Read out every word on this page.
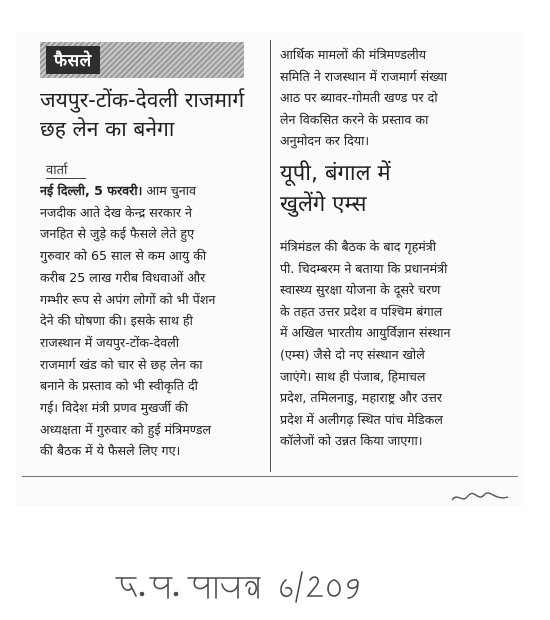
फैसले
जयपुर-टोंक-देवली राजमार्ग
छह लेन का बनेगा
वार्ता
नई दिल्ली, 5 फरवरी। आम चुनाव
नजदीक आते देख केन्द्र सरकार ने
जनहित से जुड़े कई फैसले लेते हुए
गुरुवार को 65 साल से कम आयु की
करीब 25 लाख गरीब विधवाओं और
गम्भीर रूप से अपंग लोगों को भी पेंशन
देने की घोषणा की। इसके साथ ही
राजस्थान में जयपुर-टोंक-देवली
राजमार्ग खंड को चार से छह लेन का
बनाने के प्रस्ताव को भी स्वीकृति दी
गई। विदेश मंत्री प्रणव मुखर्जी की
अध्यक्षता में गुरुवार को हुई मंत्रिमण्डल
की बैठक में ये फैसले लिए गए।
आर्थिक मामलों की मंत्रिमण्डलीय
समिति ने राजस्थान में राजमार्ग संख्या
आठ पर ब्यावर-गोमती खण्ड पर दो
लेन विकसित करने के प्रस्ताव का
अनुमोदन कर दिया।
यूपी, बंगाल में
खुलेंगे एम्स
मंत्रिमंडल की बैठक के बाद गृहमंत्री
पी. चिदम्बरम ने बताया कि प्रधानमंत्री
स्वास्थ्य सुरक्षा योजना के दूसरे चरण
के तहत उत्तर प्रदेश व पश्चिम बंगाल
में अखिल भारतीय आयुर्विज्ञान संस्थान
(एम्स) जैसे दो नए संस्थान खोले
जाएंगे। साथ ही पंजाब, हिमाचल
प्रदेश, तमिलनाडु, महाराष्ट्र और उत्तर
प्रदेश में अलीगढ़ स्थित पांच मेडिकल
कॉलेजों को उन्नत किया जाएगा।
